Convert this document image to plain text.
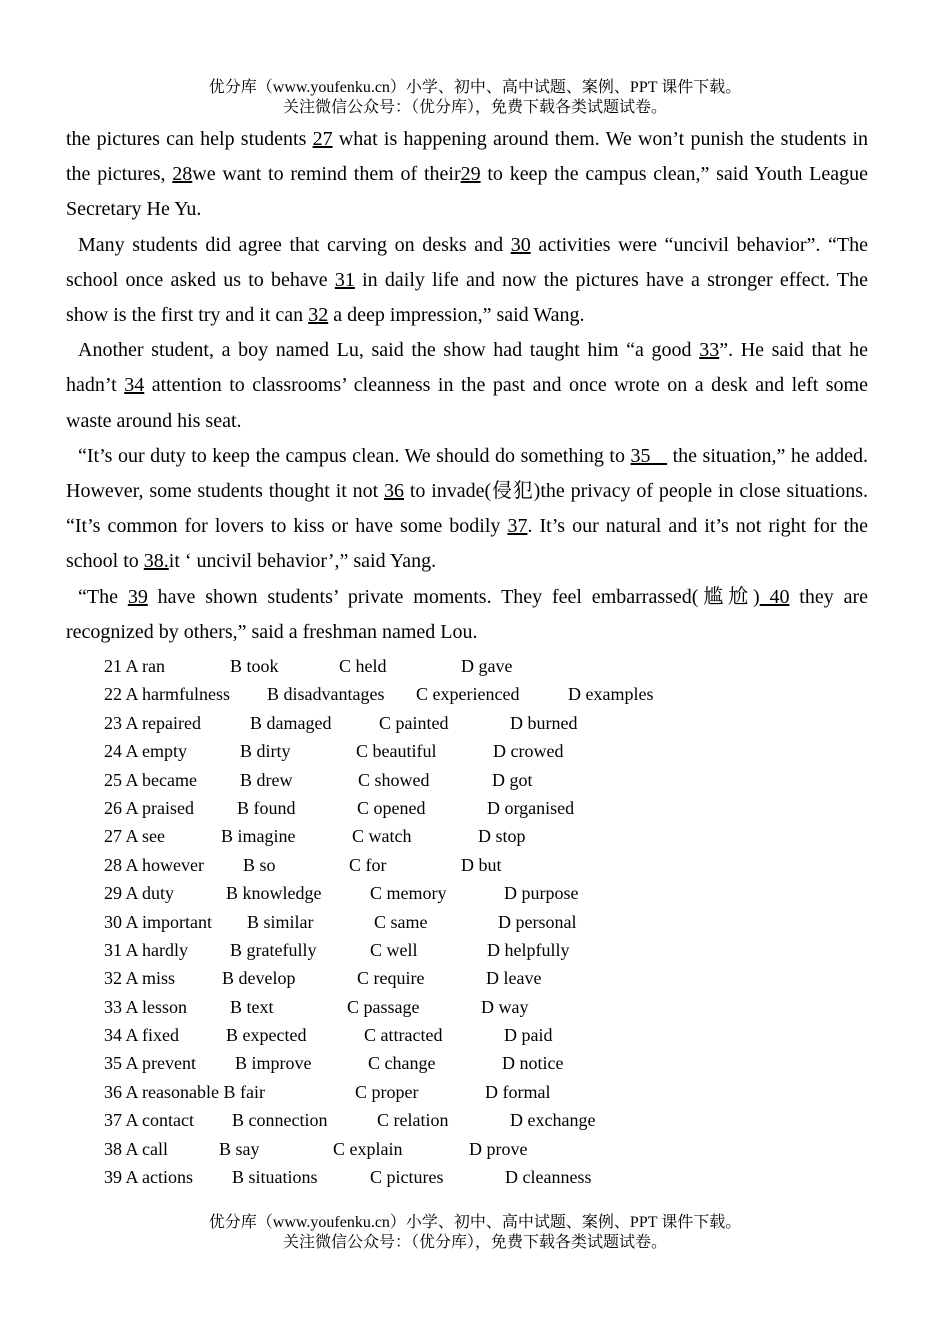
优分库（www.youfenku.cn）小学、初中、高中试题、案例、PPT 课件下载。
关注微信公众号：（优分库），免费下载各类试题试卷。

the pictures can help students 27 what is happening around them. We won’t punish the students in the pictures, 28we want to remind them of their29 to keep the campus clean,” said Youth League Secretary He Yu.

Many students did agree that carving on desks and 30 activities were “uncivil behavior”. “The school once asked us to behave 31 in daily life and now the pictures have a stronger effect. The show is the first try and it can 32 a deep impression,” said Wang.

Another student, a boy named Lu, said the show had taught him “a good 33”. He said that he hadn’t 34 attention to classrooms’ cleanness in the past and once wrote on a desk and left some waste around his seat.

“It’s our duty to keep the campus clean. We should do something to 35    the situation,” he added. However, some students thought it not 36 to invade(侵犯)the privacy of people in close situations. “It’s common for lovers to kiss or have some bodily 37. It’s our natural and it’s not right for the school to 38.it ‘ uncivil behavior’,” said Yang.

“The 39 have shown students’ private moments. They feel embarrassed(尴尬) 40 they are recognized by others,” said a freshman named Lou.

21 A ran	B took	C held	D gave
22 A harmfulness B disadvantages C experienced	D examples
23 A repaired	B damaged	C painted	D burned
24 A empty	B dirty	C beautiful	D crowed
25 A became B drew	C showed	D got
26 A praised B found	C opened	D organised
27 A see	B imagine	C watch	D stop
28 A however B so	C for	D but
29 A duty	B knowledge	C memory	D purpose
30 A important B similar	C same	D personal
31 A hardly B gratefully	C well	D helpfully
32 A miss	B develop	C require	D leave
33 A lesson B text	C passage	D way
34 A fixed	B expected	C attracted	D paid
35 A prevent B improve	C change	D notice
36 A reasonable B fair	C proper	D formal
37 A contact B connection	C relation	D exchange
38 A call	B say	C explain	D prove
39 A actions B situations	C pictures	D cleanness
优分库（www.youfenku.cn）小学、初中、高中试题、案例、PPT 课件下载。
关注微信公众号：（优分库），免费下载各类试题试卷。
